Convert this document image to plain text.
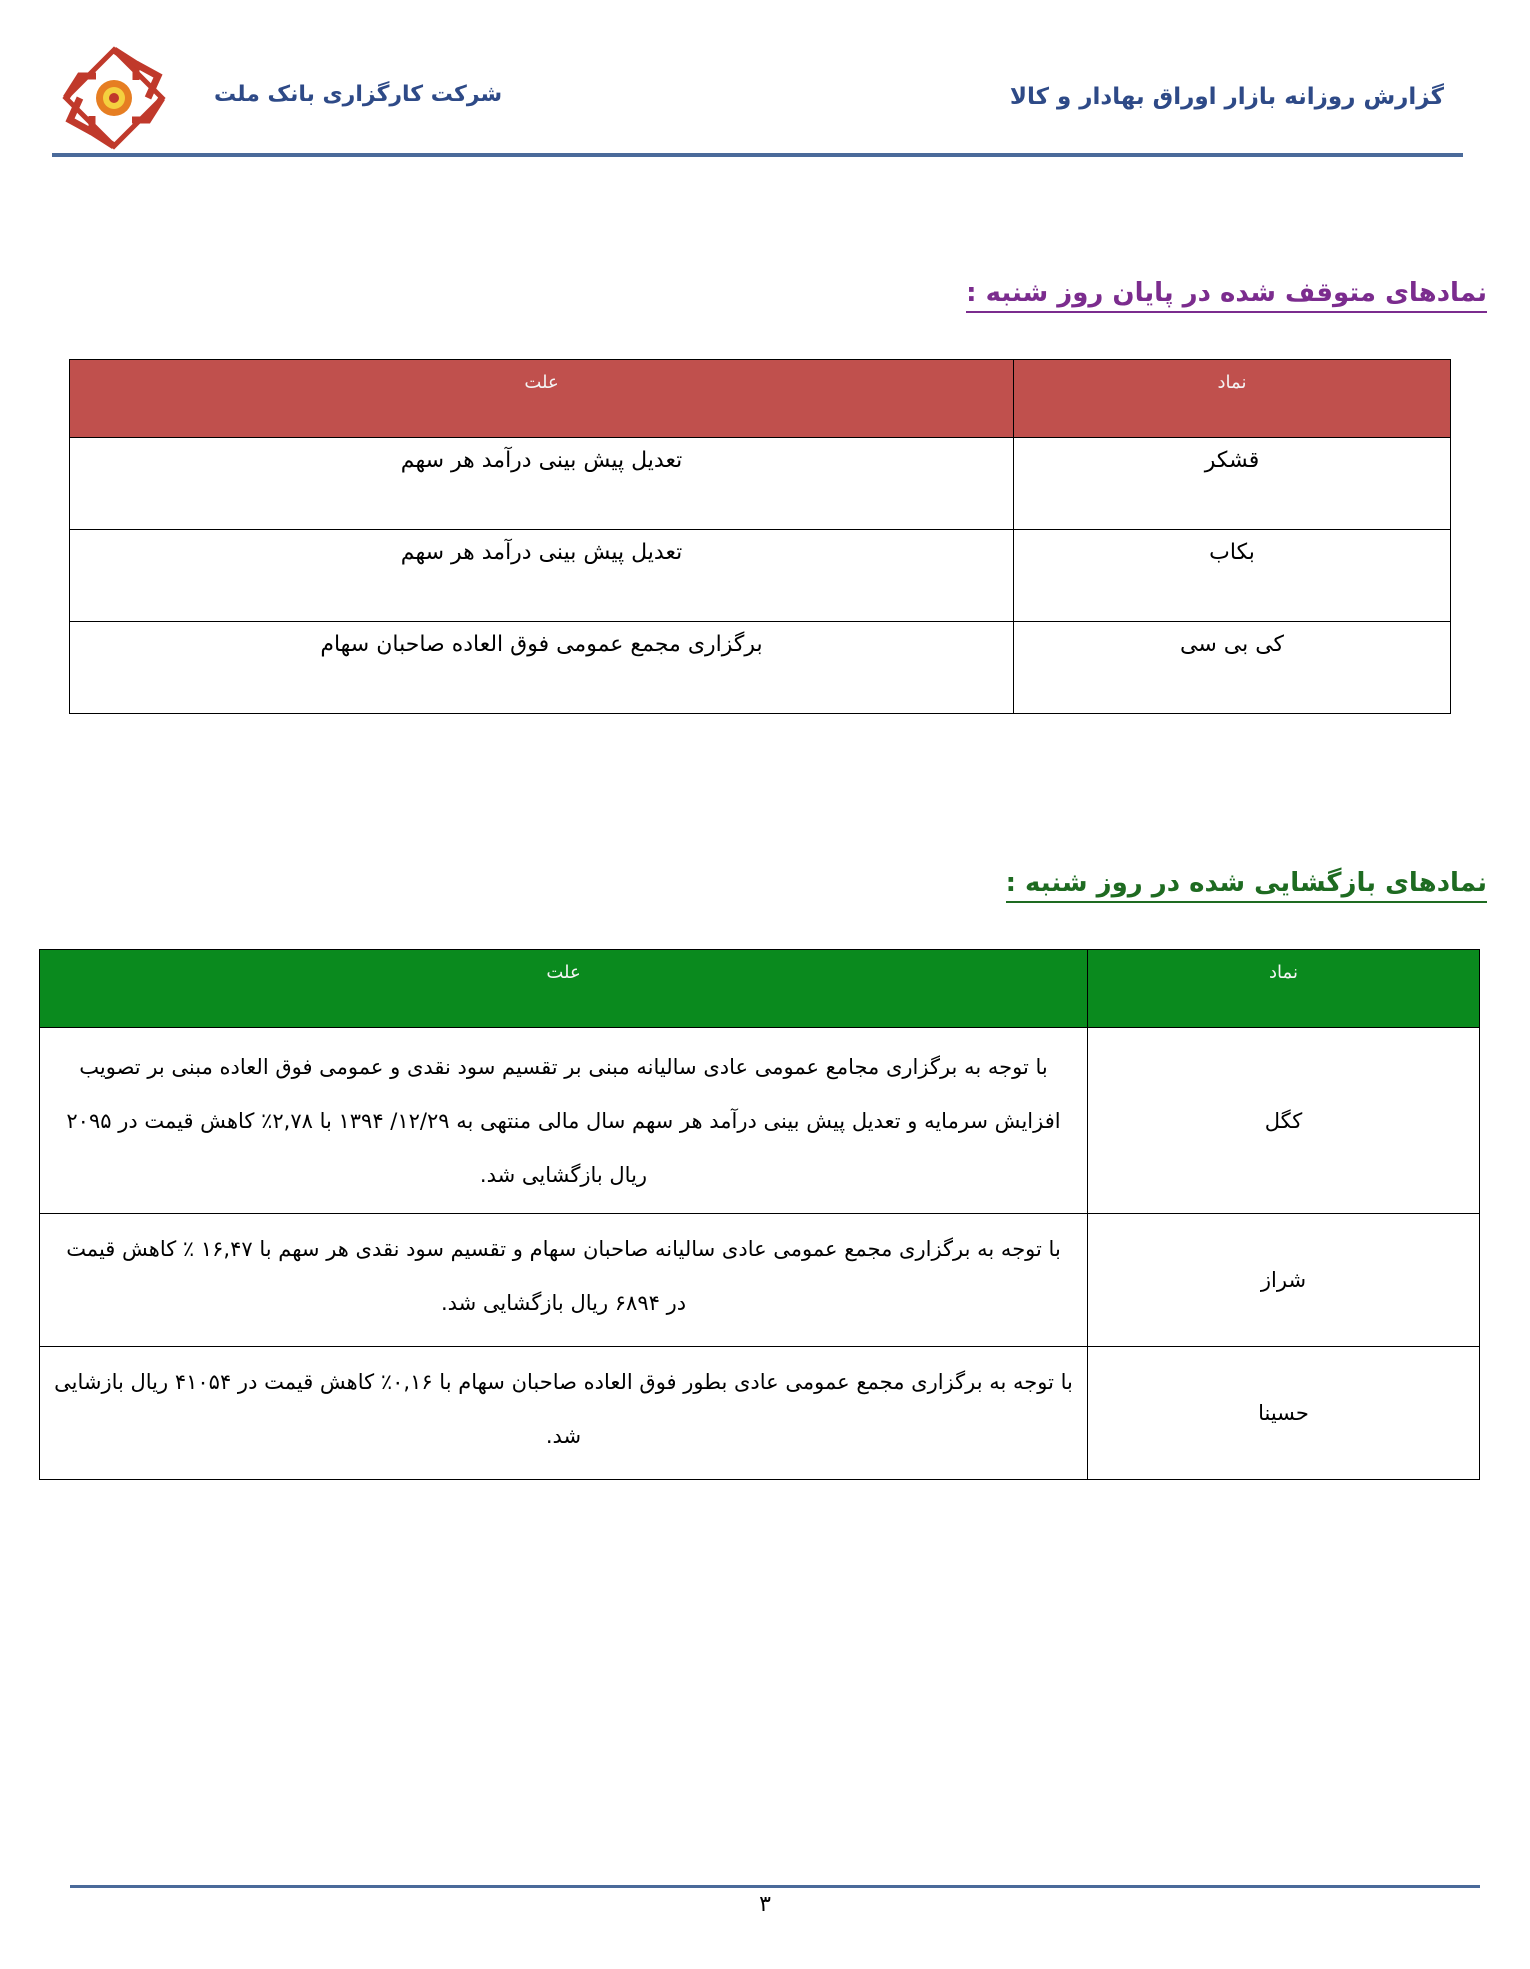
شرکت کارگزاری بانک ملت	گزارش روزانه بازار اوراق بهادار و کالا
نمادهای متوقف شده در پایان روز شنبه :
نماد	علت
قشکر	تعدیل پیش بینی درآمد هر سهم
بکاب	تعدیل پیش بینی درآمد هر سهم
کی بی سی	برگزاری مجمع عمومی فوق العاده صاحبان سهام
نمادهای بازگشایی شده در روز شنبه :
نماد	علت
کگل	با توجه به برگزاری مجامع عمومی عادی سالیانه مبنی بر تقسیم سود نقدی و عمومی فوق العاده مبنی بر تصویب افزایش سرمایه و تعدیل پیش بینی درآمد هر سهم سال مالی منتهی به ۱۲/۲۹/ ۱۳۹۴ با ۲,۷۸٪ کاهش قیمت در ۲۰۹۵ ریال بازگشایی شد.
شراز	با توجه به برگزاری مجمع عمومی عادی سالیانه صاحبان سهام و تقسیم سود نقدی هر سهم با ۱۶,۴۷ ٪ کاهش قیمت در ۶۸۹۴ ریال بازگشایی شد.
حسینا	با توجه به برگزاری مجمع عمومی عادی بطور فوق العاده صاحبان سهام با ۰,۱۶٪ کاهش قیمت در ۴۱۰۵۴ ریال بازشایی شد.
۳
